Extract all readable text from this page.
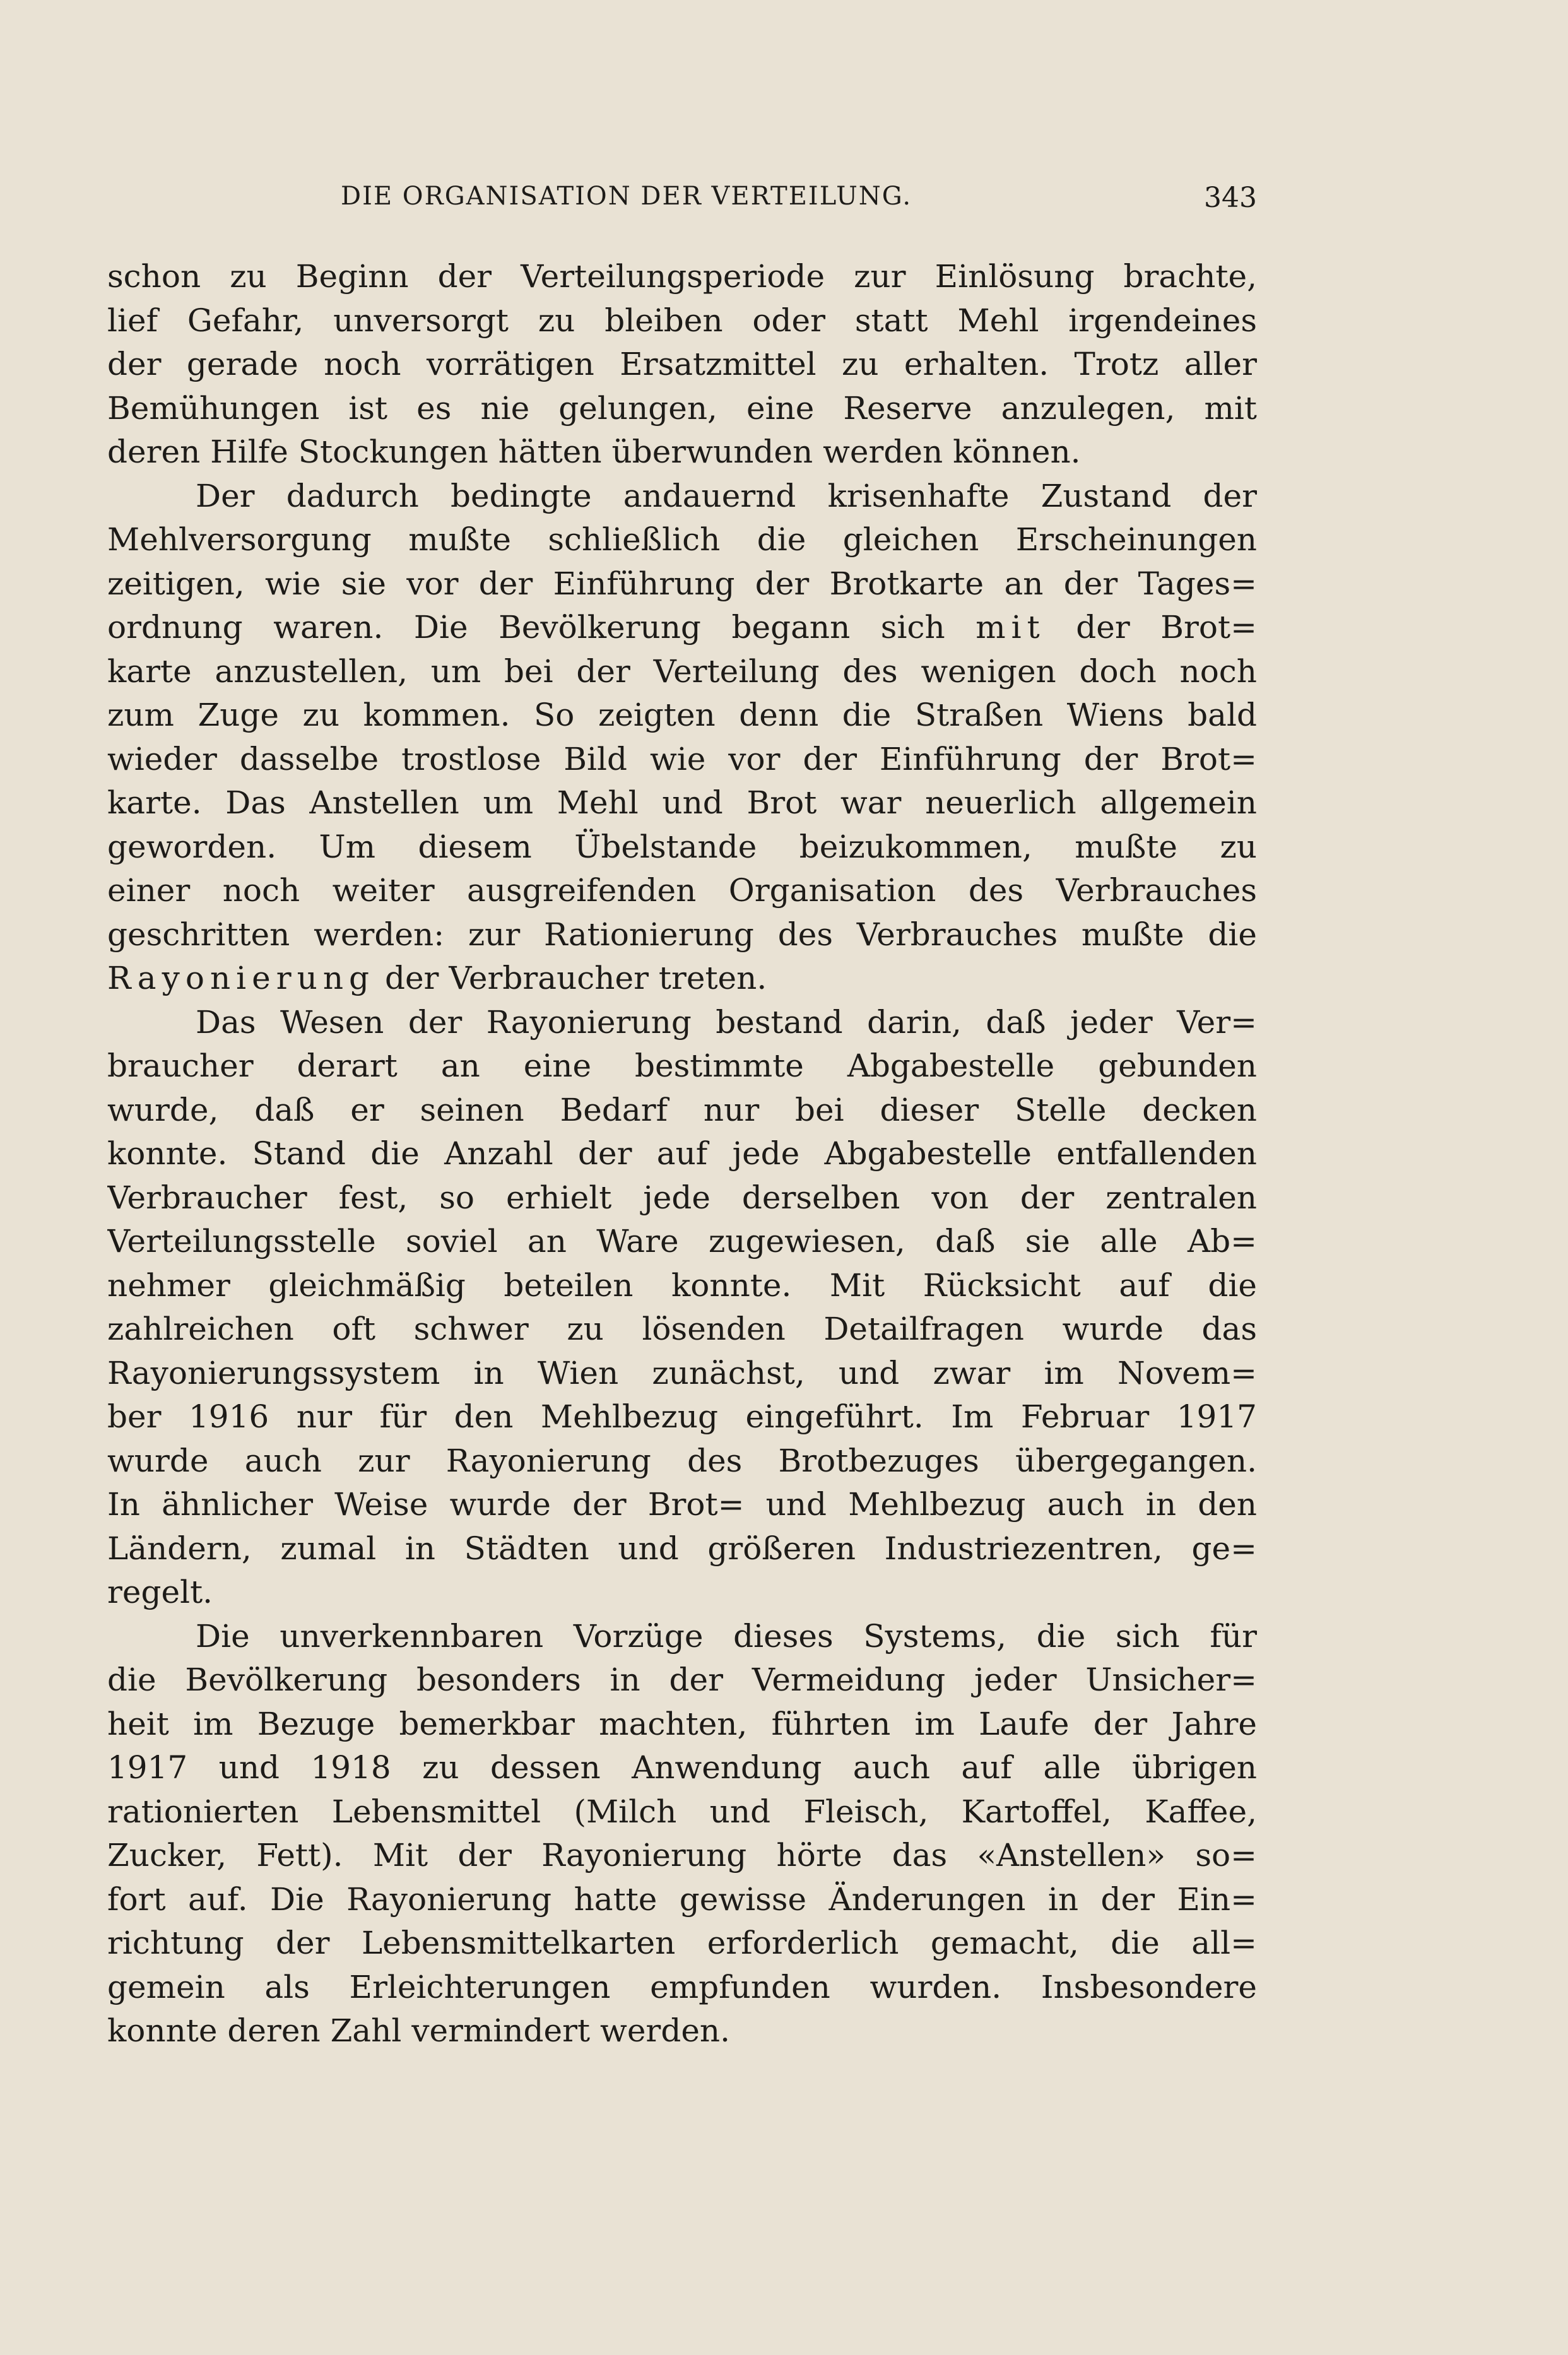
DIE ORGANISATION DER VERTEILUNG.	343
schon zu Beginn der Verteilungsperiode zur Einlösung brachte,
lief Gefahr, unversorgt zu bleiben oder statt Mehl irgendeines
der gerade noch vorrätigen Ersatzmittel zu erhalten. Trotz aller
Bemühungen ist es nie gelungen, eine Reserve anzulegen, mit
deren Hilfe Stockungen hätten überwunden werden können.
Der dadurch bedingte andauernd krisenhafte Zustand der
Mehlversorgung mußte schließlich die gleichen Erscheinungen
zeitigen, wie sie vor der Einführung der Brotkarte an der Tages=
ordnung waren. Die Bevölkerung begann sich mit der Brot=
karte anzustellen, um bei der Verteilung des wenigen doch noch
zum Zuge zu kommen. So zeigten denn die Straßen Wiens bald
wieder dasselbe trostlose Bild wie vor der Einführung der Brot=
karte. Das Anstellen um Mehl und Brot war neuerlich allgemein
geworden. Um diesem Übelstande beizukommen, mußte zu
einer noch weiter ausgreifenden Organisation des Verbrauches
geschritten werden: zur Rationierung des Verbrauches mußte die
Rayonierung der Verbraucher treten.
Das Wesen der Rayonierung bestand darin, daß jeder Ver=
braucher derart an eine bestimmte Abgabestelle gebunden
wurde, daß er seinen Bedarf nur bei dieser Stelle decken
konnte. Stand die Anzahl der auf jede Abgabestelle entfallenden
Verbraucher fest, so erhielt jede derselben von der zentralen
Verteilungsstelle soviel an Ware zugewiesen, daß sie alle Ab=
nehmer gleichmäßig beteilen konnte. Mit Rücksicht auf die
zahlreichen oft schwer zu lösenden Detailfragen wurde das
Rayonierungssystem in Wien zunächst, und zwar im Novem=
ber 1916 nur für den Mehlbezug eingeführt. Im Februar 1917
wurde auch zur Rayonierung des Brotbezuges übergegangen.
In ähnlicher Weise wurde der Brot= und Mehlbezug auch in den
Ländern, zumal in Städten und größeren Industriezentren, ge=
regelt.
Die unverkennbaren Vorzüge dieses Systems, die sich für
die Bevölkerung besonders in der Vermeidung jeder Unsicher=
heit im Bezuge bemerkbar machten, führten im Laufe der Jahre
1917 und 1918 zu dessen Anwendung auch auf alle übrigen
rationierten Lebensmittel (Milch und Fleisch, Kartoffel, Kaffee,
Zucker, Fett). Mit der Rayonierung hörte das «Anstellen» so=
fort auf. Die Rayonierung hatte gewisse Änderungen in der Ein=
richtung der Lebensmittelkarten erforderlich gemacht, die all=
gemein als Erleichterungen empfunden wurden. Insbesondere
konnte deren Zahl vermindert werden.
